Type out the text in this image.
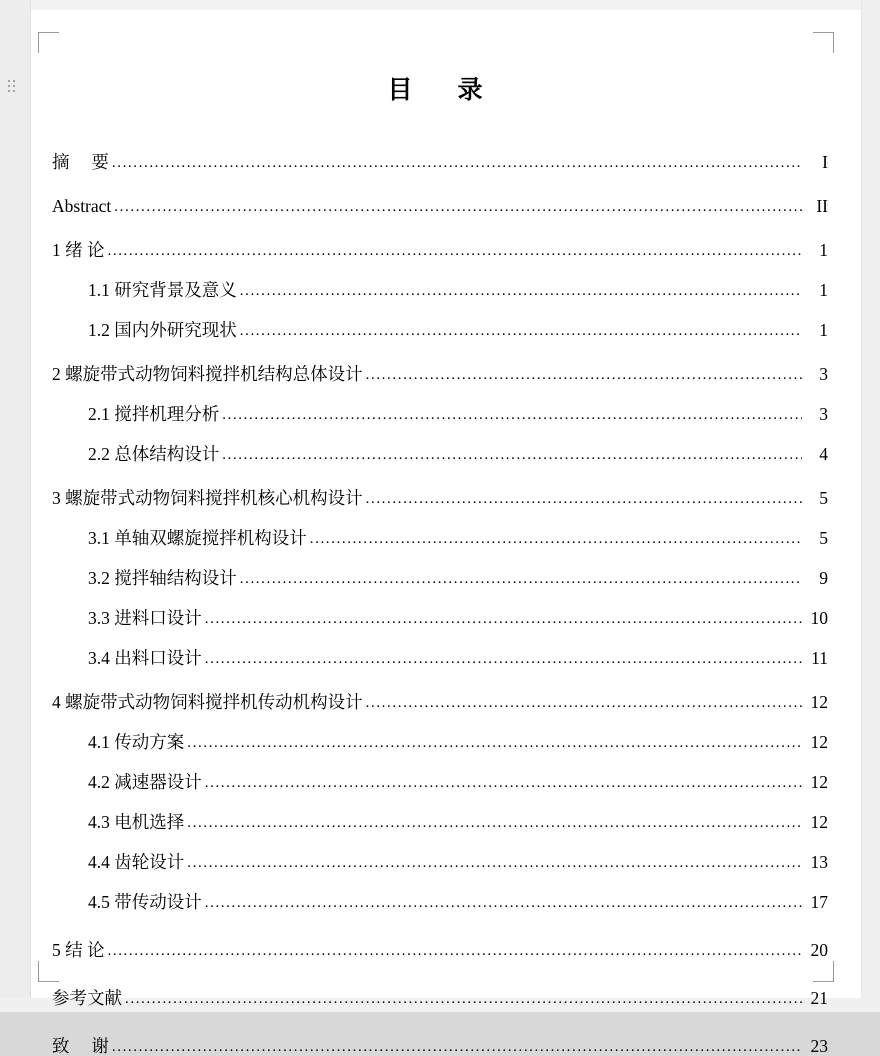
目　录
摘　 要 .....	I
Abstract .....	II
1 绪 论 .....	1
1.1 研究背景及意义 .....	1
1.2 国内外研究现状 .....	1
2 螺旋带式动物饲料搅拌机结构总体设计 .....	3
2.1 搅拌机理分析 .....	3
2.2 总体结构设计 .....	4
3 螺旋带式动物饲料搅拌机核心机构设计 .....	5
3.1 单轴双螺旋搅拌机构设计 .....	5
3.2 搅拌轴结构设计 .....	9
3.3 进料口设计 .....	10
3.4 出料口设计 .....	11
4 螺旋带式动物饲料搅拌机传动机构设计 .....	12
4.1 传动方案 .....	12
4.2 减速器设计 .....	12
4.3 电机选择 .....	12
4.4 齿轮设计 .....	13
4.5 带传动设计 .....	17
5 结 论 .....	20
参考文献 .....	21
致　 谢 .....	23
